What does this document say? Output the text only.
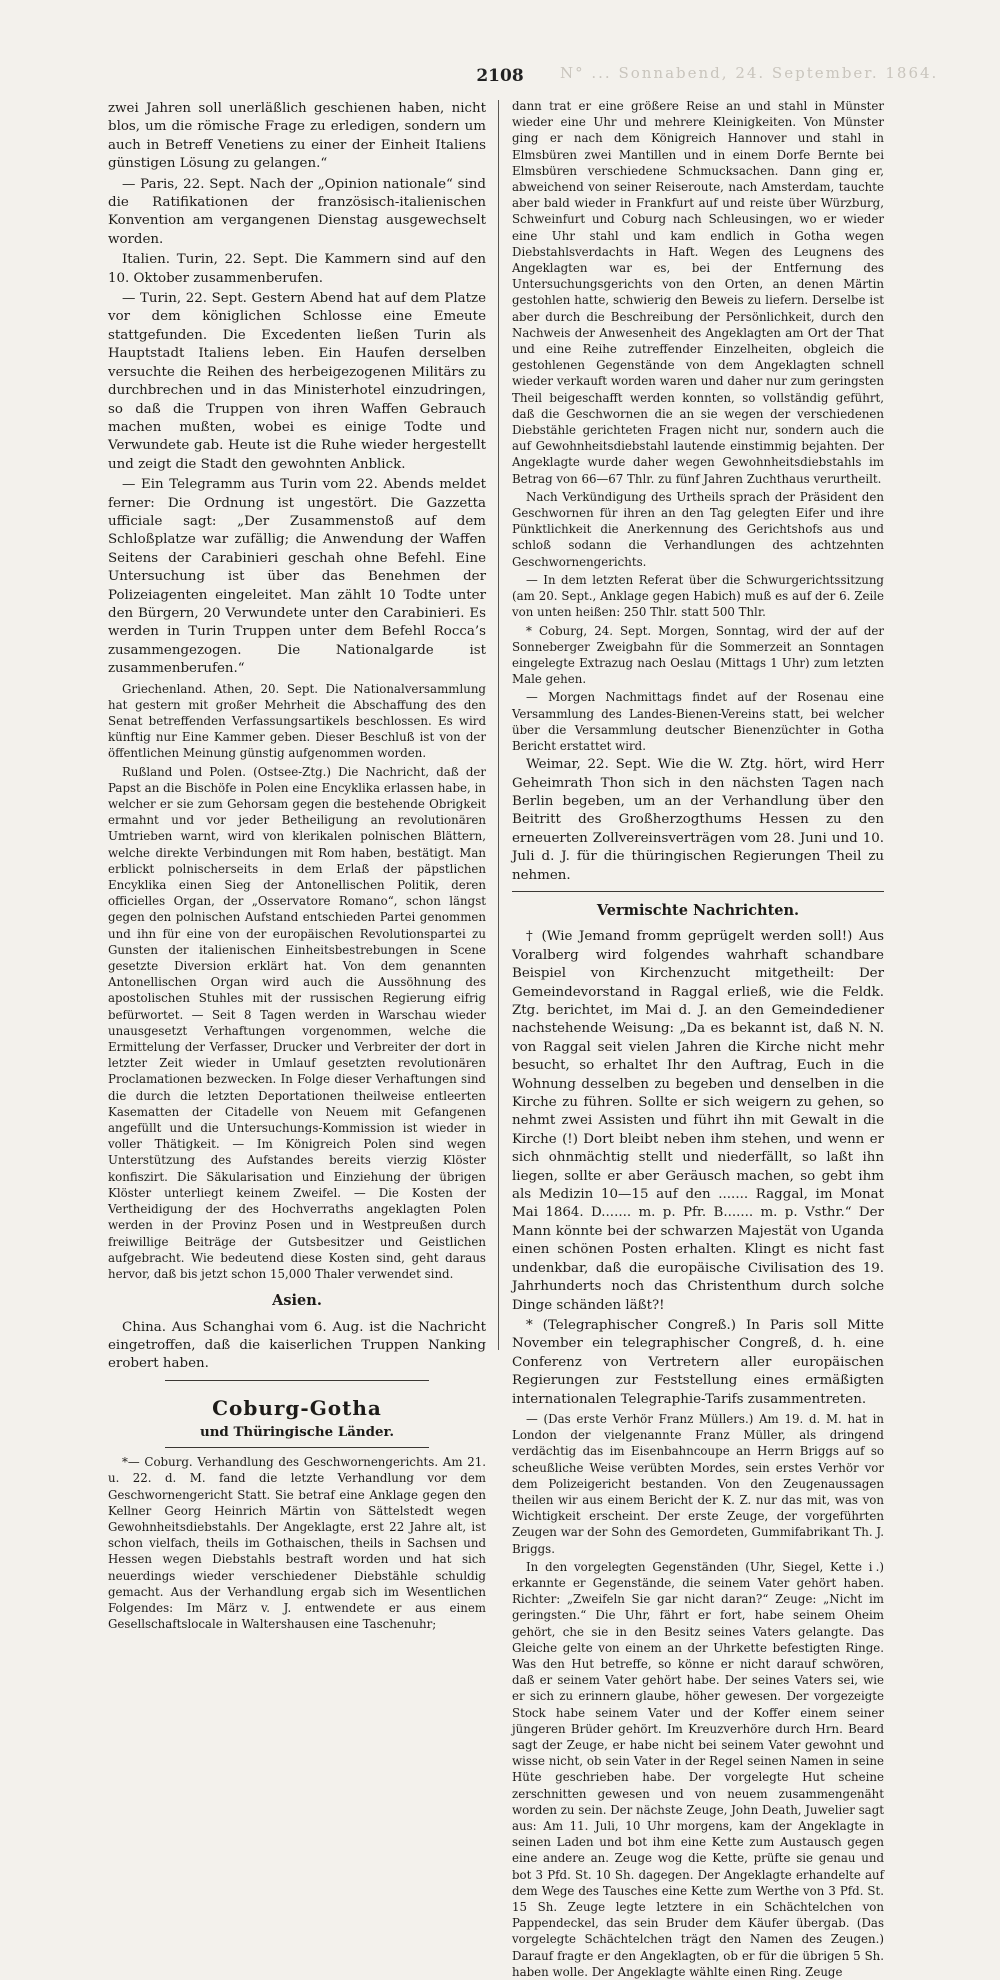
N° ... Sonnabend, 24. September. 1864.
2108

zwei Jahren soll unerläßlich geschienen haben, nicht blos, um die römische Frage zu erledigen, sondern um auch in Betreff Venetiens zu einer der Einheit Italiens günstigen Lösung zu gelangen.“

— Paris, 22. Sept. Nach der „Opinion nationale“ sind die Ratifikationen der französisch-italienischen Konvention am vergangenen Dienstag ausgewechselt worden.

Italien. Turin, 22. Sept. Die Kammern sind auf den 10. Oktober zusammenberufen.

— Turin, 22. Sept. Gestern Abend hat auf dem Platze vor dem königlichen Schlosse eine Emeute stattgefunden. Die Excedenten ließen Turin als Hauptstadt Italiens leben. Ein Haufen derselben versuchte die Reihen des herbeigezogenen Militärs zu durchbrechen und in das Ministerhotel einzudringen, so daß die Truppen von ihren Waffen Gebrauch machen mußten, wobei es einige Todte und Verwundete gab. Heute ist die Ruhe wieder hergestellt und zeigt die Stadt den gewohnten Anblick.

— Ein Telegramm aus Turin vom 22. Abends meldet ferner: Die Ordnung ist ungestört. Die Gazzetta ufficiale sagt: „Der Zusammenstoß auf dem Schloßplatze war zufällig; die Anwendung der Waffen Seitens der Carabinieri geschah ohne Befehl. Eine Untersuchung ist über das Benehmen der Polizeiagenten eingeleitet. Man zählt 10 Todte unter den Bürgern, 20 Verwundete unter den Carabinieri. Es werden in Turin Truppen unter dem Befehl Rocca’s zusammengezogen. Die Nationalgarde ist zusammenberufen.“

Griechenland. Athen, 20. Sept. Die Nationalversammlung hat gestern mit großer Mehrheit die Abschaffung des den Senat betreffenden Verfassungsartikels beschlossen. Es wird künftig nur Eine Kammer geben. Dieser Beschluß ist von der öffentlichen Meinung günstig aufgenommen worden.

Rußland und Polen. (Ostsee-Ztg.) Die Nachricht, daß der Papst an die Bischöfe in Polen eine Encyklika erlassen habe, in welcher er sie zum Gehorsam gegen die bestehende Obrigkeit ermahnt und vor jeder Betheiligung an revolutionären Umtrieben warnt, wird von klerikalen polnischen Blättern, welche direkte Verbindungen mit Rom haben, bestätigt. Man erblickt polnischerseits in dem Erlaß der päpstlichen Encyklika einen Sieg der Antonellischen Politik, deren officielles Organ, der „Osservatore Romano“, schon längst gegen den polnischen Aufstand entschieden Partei genommen und ihn für eine von der europäischen Revolutionspartei zu Gunsten der italienischen Einheitsbestrebungen in Scene gesetzte Diversion erklärt hat. Von dem genannten Antonellischen Organ wird auch die Aussöhnung des apostolischen Stuhles mit der russischen Regierung eifrig befürwortet. — Seit 8 Tagen werden in Warschau wieder unausgesetzt Verhaftungen vorgenommen, welche die Ermittelung der Verfasser, Drucker und Verbreiter der dort in letzter Zeit wieder in Umlauf gesetzten revolutionären Proclamationen bezwecken. In Folge dieser Verhaftungen sind die durch die letzten Deportationen theilweise entleerten Kasematten der Citadelle von Neuem mit Gefangenen angefüllt und die Untersuchungs-Kommission ist wieder in voller Thätigkeit. — Im Königreich Polen sind wegen Unterstützung des Aufstandes bereits vierzig Klöster konfiszirt. Die Säkularisation und Einziehung der übrigen Klöster unterliegt keinem Zweifel. — Die Kosten der Vertheidigung der des Hochverraths angeklagten Polen werden in der Provinz Posen und in Westpreußen durch freiwillige Beiträge der Gutsbesitzer und Geistlichen aufgebracht. Wie bedeutend diese Kosten sind, geht daraus hervor, daß bis jetzt schon 15,000 Thaler verwendet sind.

Asien.

China. Aus Schanghai vom 6. Aug. ist die Nachricht eingetroffen, daß die kaiserlichen Truppen Nanking erobert haben.

Coburg-Gotha
und Thüringische Länder.

*— Coburg. Verhandlung des Geschwornengerichts. Am 21. u. 22. d. M. fand die letzte Verhandlung vor dem Geschwornengericht Statt. Sie betraf eine Anklage gegen den Kellner Georg Heinrich Märtin von Sättelstedt wegen Gewohnheitsdiebstahls. Der Angeklagte, erst 22 Jahre alt, ist schon vielfach, theils im Gothaischen, theils in Sachsen und Hessen wegen Diebstahls bestraft worden und hat sich neuerdings wieder verschiedener Diebstähle schuldig gemacht. Aus der Verhandlung ergab sich im Wesentlichen Folgendes: Im März v. J. entwendete er aus einem Gesellschaftslocale in Waltershausen eine Taschenuhr;

dann trat er eine größere Reise an und stahl in Münster wieder eine Uhr und mehrere Kleinigkeiten. Von Münster ging er nach dem Königreich Hannover und stahl in Elmsbüren zwei Mantillen und in einem Dorfe Bernte bei Elmsbüren verschiedene Schmucksachen. Dann ging er, abweichend von seiner Reiseroute, nach Amsterdam, tauchte aber bald wieder in Frankfurt auf und reiste über Würzburg, Schweinfurt und Coburg nach Schleusingen, wo er wieder eine Uhr stahl und kam endlich in Gotha wegen Diebstahlsverdachts in Haft. Wegen des Leugnens des Angeklagten war es, bei der Entfernung des Untersuchungsgerichts von den Orten, an denen Märtin gestohlen hatte, schwierig den Beweis zu liefern. Derselbe ist aber durch die Beschreibung der Persönlichkeit, durch den Nachweis der Anwesenheit des Angeklagten am Ort der That und eine Reihe zutreffender Einzelheiten, obgleich die gestohlenen Gegenstände von dem Angeklagten schnell wieder verkauft worden waren und daher nur zum geringsten Theil beigeschafft werden konnten, so vollständig geführt, daß die Geschwornen die an sie wegen der verschiedenen Diebstähle gerichteten Fragen nicht nur, sondern auch die auf Gewohnheitsdiebstahl lautende einstimmig bejahten. Der Angeklagte wurde daher wegen Gewohnheitsdiebstahls im Betrag von 66—67 Thlr. zu fünf Jahren Zuchthaus verurtheilt.

Nach Verkündigung des Urtheils sprach der Präsident den Geschwornen für ihren an den Tag gelegten Eifer und ihre Pünktlichkeit die Anerkennung des Gerichtshofs aus und schloß sodann die Verhandlungen des achtzehnten Geschwornengerichts.

— In dem letzten Referat über die Schwurgerichtssitzung (am 20. Sept., Anklage gegen Habich) muß es auf der 6. Zeile von unten heißen: 250 Thlr. statt 500 Thlr.

* Coburg, 24. Sept. Morgen, Sonntag, wird der auf der Sonneberger Zweigbahn für die Sommerzeit an Sonntagen eingelegte Extrazug nach Oeslau (Mittags 1 Uhr) zum letzten Male gehen.

— Morgen Nachmittags findet auf der Rosenau eine Versammlung des Landes-Bienen-Vereins statt, bei welcher über die Versammlung deutscher Bienenzüchter in Gotha Bericht erstattet wird.

Weimar, 22. Sept. Wie die W. Ztg. hört, wird Herr Geheimrath Thon sich in den nächsten Tagen nach Berlin begeben, um an der Verhandlung über den Beitritt des Großherzogthums Hessen zu den erneuerten Zollvereinsverträgen vom 28. Juni und 10. Juli d. J. für die thüringischen Regierungen Theil zu nehmen.

Vermischte Nachrichten.

† (Wie Jemand fromm geprügelt werden soll!) Aus Voralberg wird folgendes wahrhaft schandbare Beispiel von Kirchenzucht mitgetheilt: Der Gemeindevorstand in Raggal erließ, wie die Feldk. Ztg. berichtet, im Mai d. J. an den Gemeindediener nachstehende Weisung: „Da es bekannt ist, daß N. N. von Raggal seit vielen Jahren die Kirche nicht mehr besucht, so erhaltet Ihr den Auftrag, Euch in die Wohnung desselben zu begeben und denselben in die Kirche zu führen. Sollte er sich weigern zu gehen, so nehmt zwei Assisten und führt ihn mit Gewalt in die Kirche (!) Dort bleibt neben ihm stehen, und wenn er sich ohnmächtig stellt und niederfällt, so laßt ihn liegen, sollte er aber Geräusch machen, so gebt ihm als Medizin 10—15 auf den ....... Raggal, im Monat Mai 1864. D....... m. p. Pfr. B....... m. p. Vsthr.“ Der Mann könnte bei der schwarzen Majestät von Uganda einen schönen Posten erhalten. Klingt es nicht fast undenkbar, daß die europäische Civilisation des 19. Jahrhunderts noch das Christenthum durch solche Dinge schänden läßt?!

* (Telegraphischer Congreß.) In Paris soll Mitte November ein telegraphischer Congreß, d. h. eine Conferenz von Vertretern aller europäischen Regierungen zur Feststellung eines ermäßigten internationalen Telegraphie-Tarifs zusammentreten.

— (Das erste Verhör Franz Müllers.) Am 19. d. M. hat in London der vielgenannte Franz Müller, als dringend verdächtig das im Eisenbahncoupe an Herrn Briggs auf so scheußliche Weise verübten Mordes, sein erstes Verhör vor dem Polizeigericht bestanden. Von den Zeugenaussagen theilen wir aus einem Bericht der K. Z. nur das mit, was von Wichtigkeit erscheint. Der erste Zeuge, der vorgeführten Zeugen war der Sohn des Gemordeten, Gummifabrikant Th. J. Briggs.

In den vorgelegten Gegenständen (Uhr, Siegel, Kette ⅰ.) erkannte er Gegenstände, die seinem Vater gehört haben. Richter: „Zweifeln Sie gar nicht daran?“ Zeuge: „Nicht im geringsten.“ Die Uhr, fährt er fort, habe seinem Oheim gehört, che sie in den Besitz seines Vaters gelangte. Das Gleiche gelte von einem an der Uhrkette befestigten Ringe. Was den Hut betreffe, so könne er nicht darauf schwören, daß er seinem Vater gehört habe. Der seines Vaters sei, wie er sich zu erinnern glaube, höher gewesen. Der vorgezeigte Stock habe seinem Vater und der Koffer einem seiner jüngeren Brüder gehört. Im Kreuzverhöre durch Hrn. Beard sagt der Zeuge, er habe nicht bei seinem Vater gewohnt und wisse nicht, ob sein Vater in der Regel seinen Namen in seine Hüte geschrieben habe. Der vorgelegte Hut scheine zerschnitten gewesen und von neuem zusammengenäht worden zu sein. Der nächste Zeuge, John Death, Juwelier sagt aus: Am 11. Juli, 10 Uhr morgens, kam der Angeklagte in seinen Laden und bot ihm eine Kette zum Austausch gegen eine andere an. Zeuge wog die Kette, prüfte sie genau und bot 3 Pfd. St. 10 Sh. dagegen. Der Angeklagte erhandelte auf dem Wege des Tausches eine Kette zum Werthe von 3 Pfd. St. 15 Sh. Zeuge legte letztere in ein Schächtelchen von Pappendeckel, das sein Bruder dem Käufer übergab. (Das vorgelegte Schächtelchen trägt den Namen des Zeugen.) Darauf fragte er den Angeklagten, ob er für die übrigen 5 Sh. haben wolle. Der Angeklagte wählte einen Ring. Zeuge
